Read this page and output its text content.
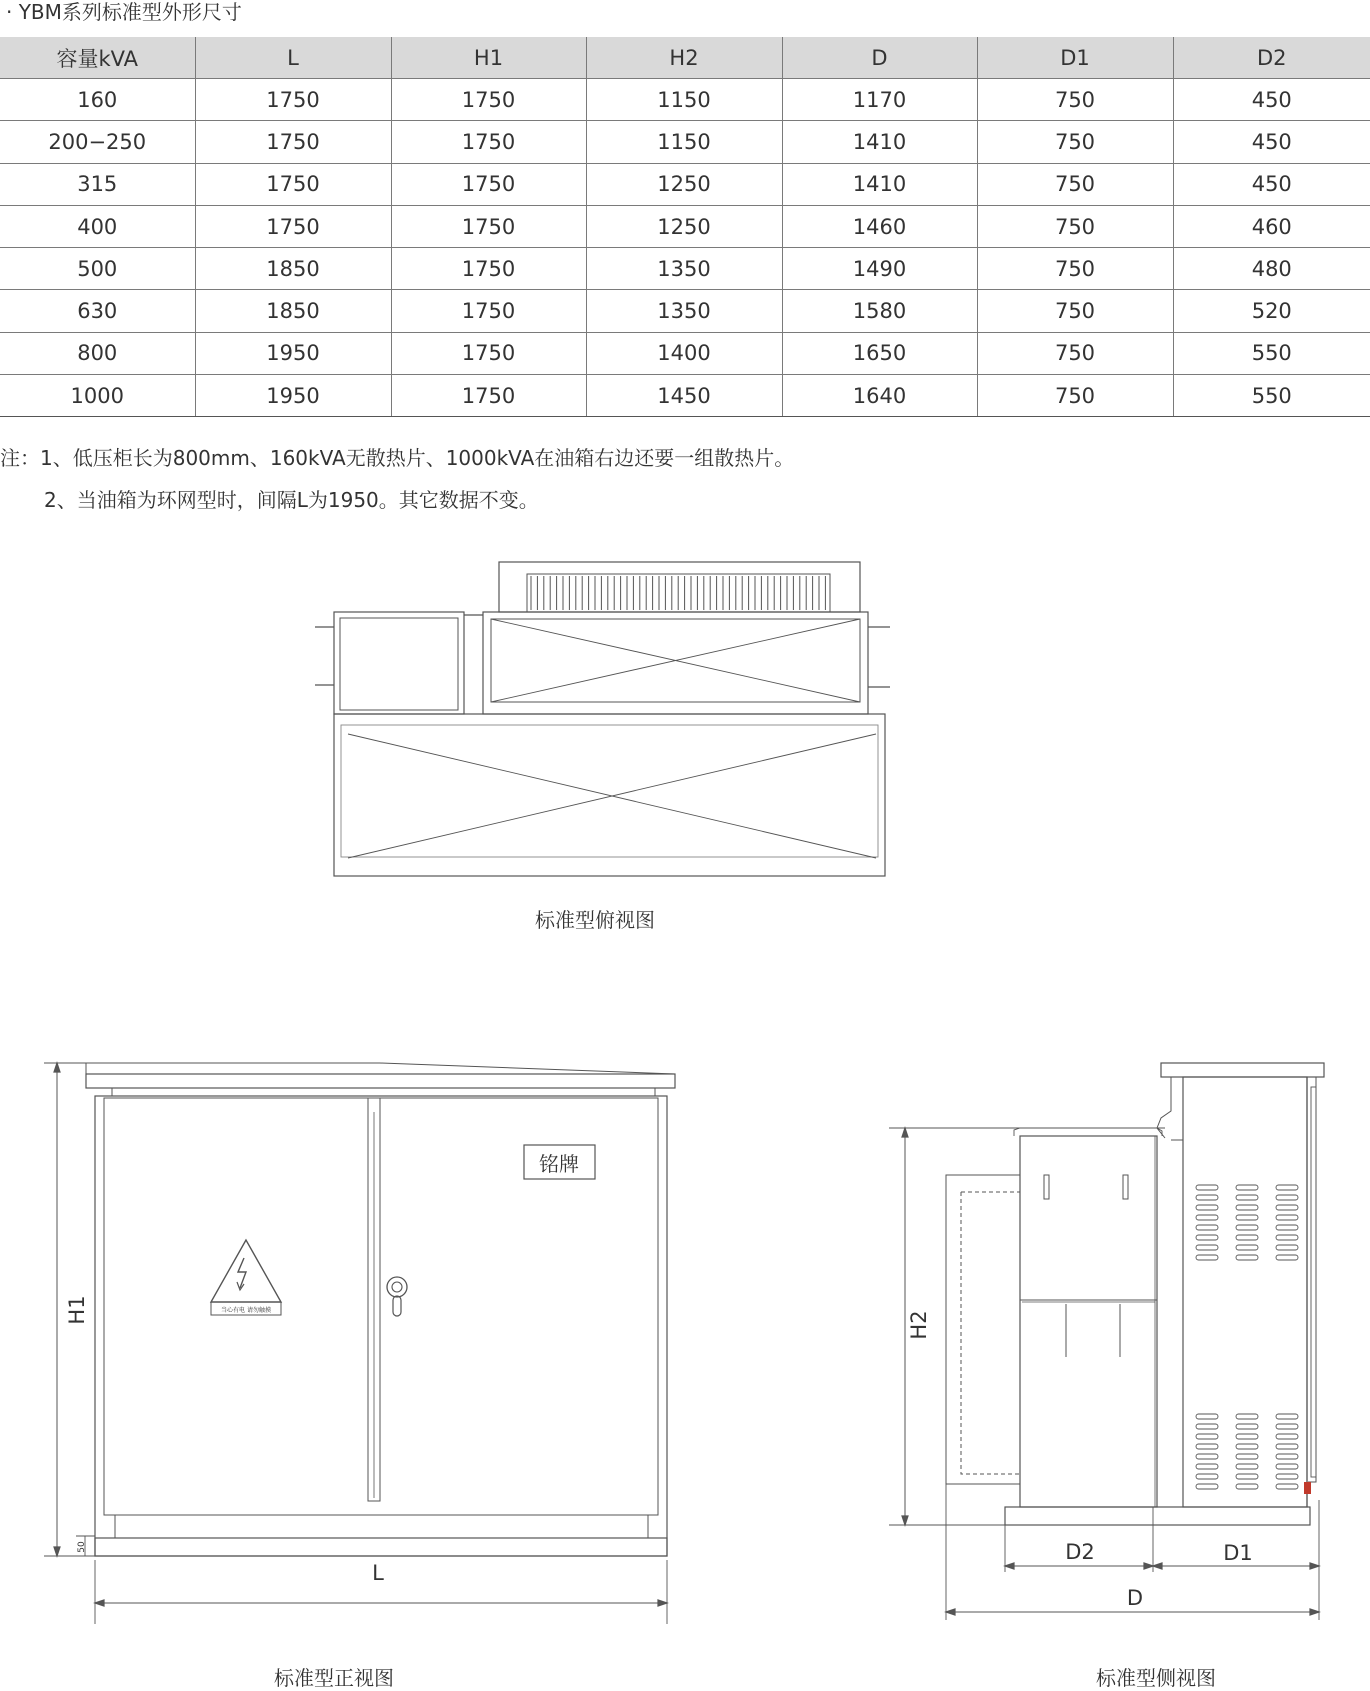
· YBM系列标准型外形尺寸
容量kVA	L	H1	H2	D	D1	D2
160	1750	1750	1150	1170	750	450
200−250	1750	1750	1150	1410	750	450
315	1750	1750	1250	1410	750	450
400	1750	1750	1250	1460	750	460
500	1850	1750	1350	1490	750	480
630	1850	1750	1350	1580	750	520
800	1950	1750	1400	1650	750	550
1000	1950	1750	1450	1640	750	550
注：1、低压柜长为800mm、160kVA无散热片、1000kVA在油箱右边还要一组散热片。
2、当油箱为环网型时，间隔L为1950。其它数据不变。
铭牌
当心有电 请勿触摸
H1
50
L
H2
D2	D1
D
标准型俯视图
标准型正视图	标准型侧视图
